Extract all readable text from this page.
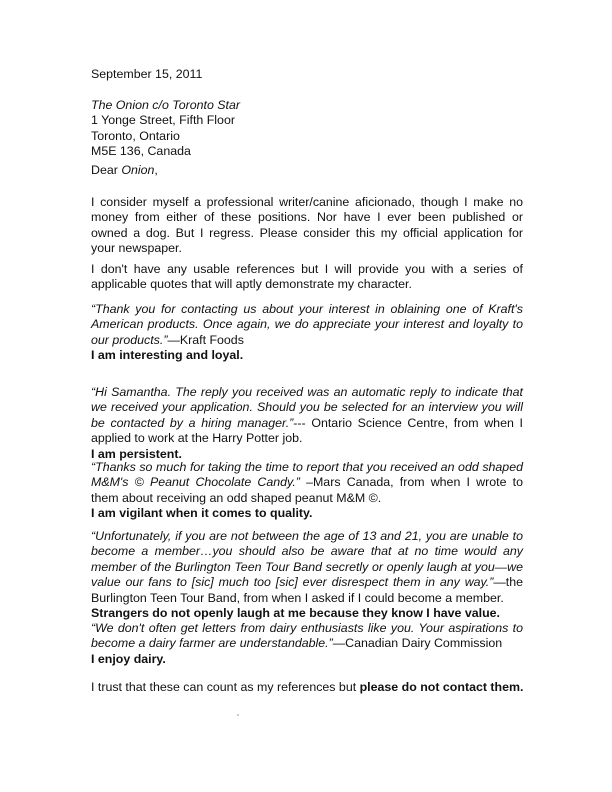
September 15, 2011
The Onion c/o Toronto Star
1 Yonge Street, Fifth Floor
Toronto, Ontario
M5E 136, Canada
Dear Onion,

I consider myself a professional writer/canine aficionado, though I make no money from either of these positions. Nor have I ever been published or owned a dog. But I regress. Please consider this my official application for your newspaper.

I don't have any usable references but I will provide you with a series of applicable quotes that will aptly demonstrate my character.

“Thank you for contacting us about your interest in oblaining one of Kraft's American products. Once again, we do appreciate your interest and loyalty to our products.”—Kraft Foods
I am interesting and loyal.
“Hi Samantha. The reply you received was an automatic reply to indicate that we received your application. Should you be selected for an interview you will be contacted by a hiring manager.”--- Ontario Science Centre, from when I applied to work at the Harry Potter job.
I am persistent.
“Thanks so much for taking the time to report that you received an odd shaped M&M's © Peanut Chocolate Candy.” –Mars Canada, from when I wrote to them about receiving an odd shaped peanut M&M ©.
I am vigilant when it comes to quality.
“Unfortunately, if you are not between the age of 13 and 21, you are unable to become a member…you should also be aware that at no time would any member of the Burlington Teen Tour Band secretly or openly laugh at you—we value our fans to [sic] much too [sic] ever disrespect them in any way.”—the Burlington Teen Tour Band, from when I asked if I could become a member.
Strangers do not openly laugh at me because they know I have value.
“We don't often get letters from dairy enthusiasts like you. Your aspirations to become a dairy farmer are understandable.”—Canadian Dairy Commission
I enjoy dairy.

I trust that these can count as my references but please do not contact them.
